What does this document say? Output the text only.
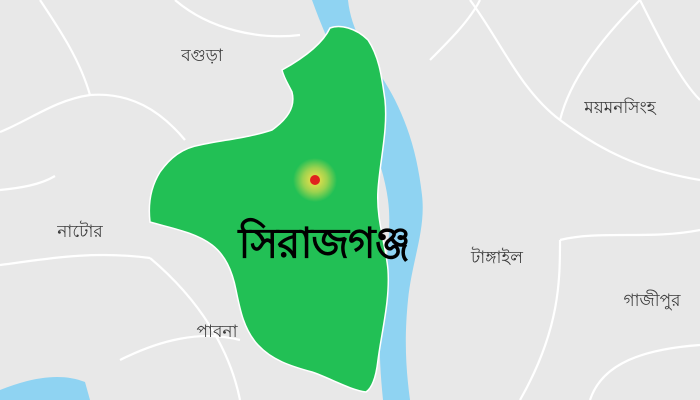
বগুড়া
নাটোর
পাবনা
টাঙ্গাইল
ময়মনসিংহ
গাজীপুর
সিরাজগঞ্জ
